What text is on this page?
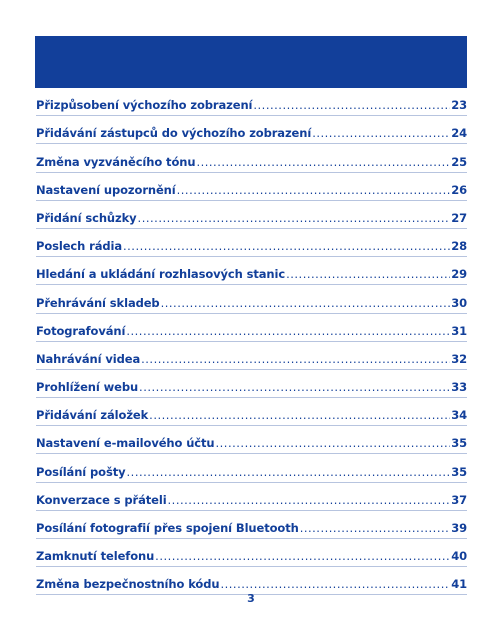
Přizpůsobení výchozího zobrazení .....	23
Přidávání zástupců do výchozího zobrazení .....	24
Změna vyzváněcího tónu .....	25
Nastavení upozornění .....	26
Přidání schůzky .....	27
Poslech rádia .....	28
Hledání a ukládání rozhlasových stanic .....	29
Přehrávání skladeb .....	30
Fotografování .....	31
Nahrávání videa .....	32
Prohlížení webu .....	33
Přidávání záložek .....	34
Nastavení e-mailového účtu .....	35
Posílání pošty .....	35
Konverzace s přáteli .....	37
Posílání fotografií přes spojení Bluetooth .....	39
Zamknutí telefonu .....	40
Změna bezpečnostního kódu .....	41
3
